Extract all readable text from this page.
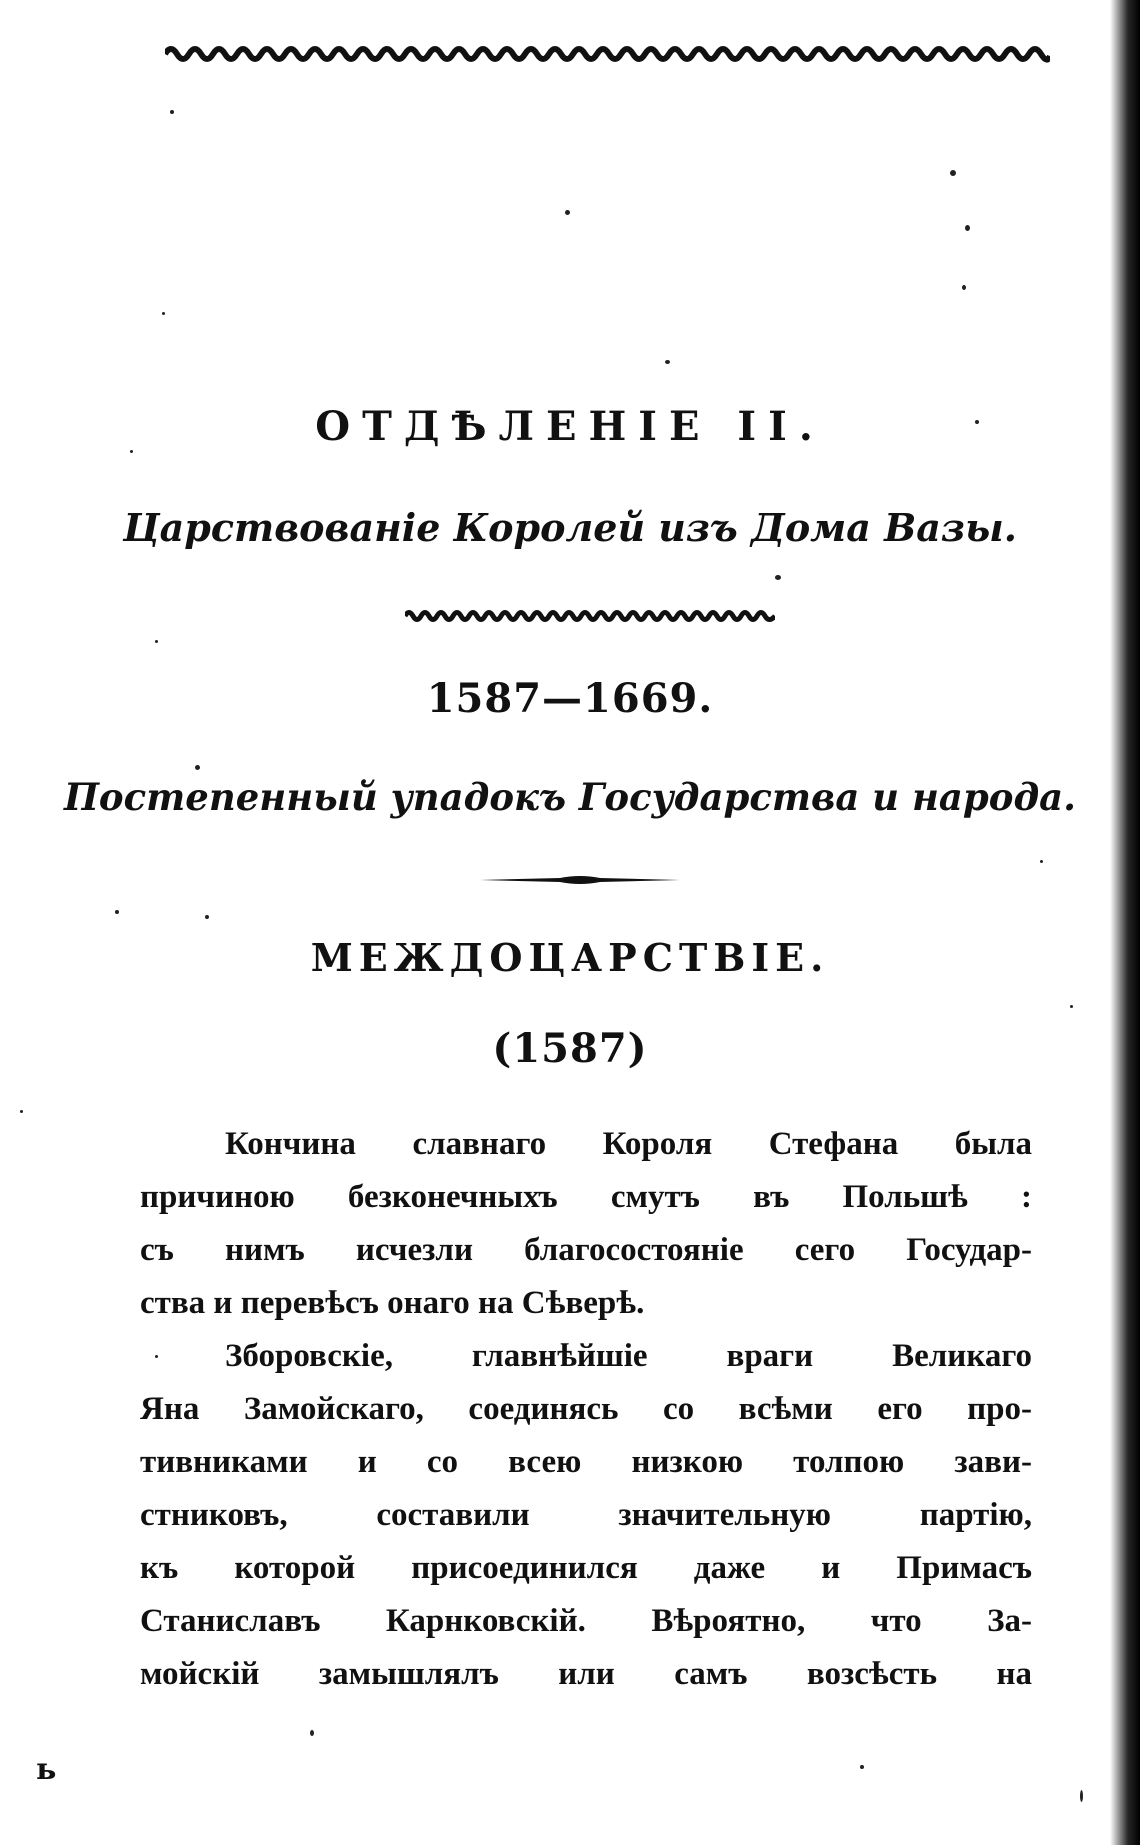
ОТДѢЛЕНІЕ II.
Царствованіе Королей изъ Дома Вазы.
1587—1669.
Постепенный упадокъ Государства и народа.
МЕЖДОЦАРСТВІЕ.
(1587)

Кончина славнаго Короля Стефана была
причиною безконечныхъ смутъ въ Польшѣ :
съ нимъ исчезли благосостояніе сего Государ-
ства и перевѣсъ онаго на Сѣверѣ.

Зборовскіе, главнѣйшіе враги Великаго
Яна Замойскаго, соединясь со всѣми его про-
тивниками и со всею низкою толпою зави-
стниковъ, составили значительную партію,
къ которой присоединился даже и Примасъ
Станиславъ Карнковскій. Вѣроятно, что За-
мойскій замышлялъ или самъ возсѣсть на

ь
